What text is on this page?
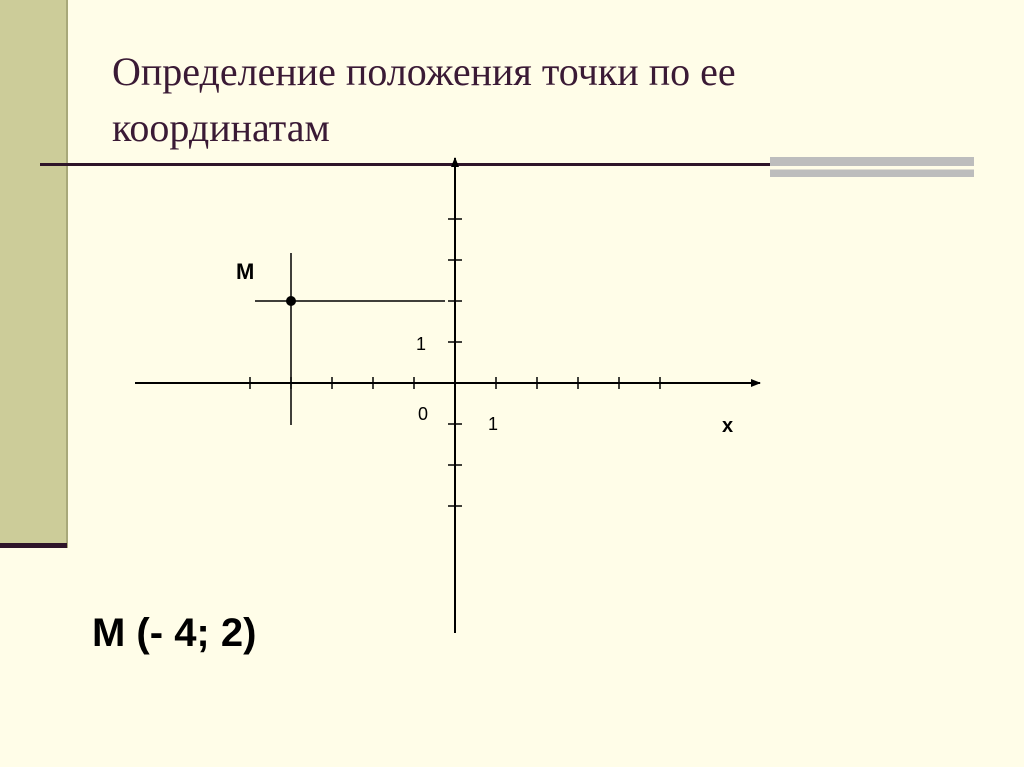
Определение положения точки по ее координатам
M
0	1
1
x
M (- 4; 2)
